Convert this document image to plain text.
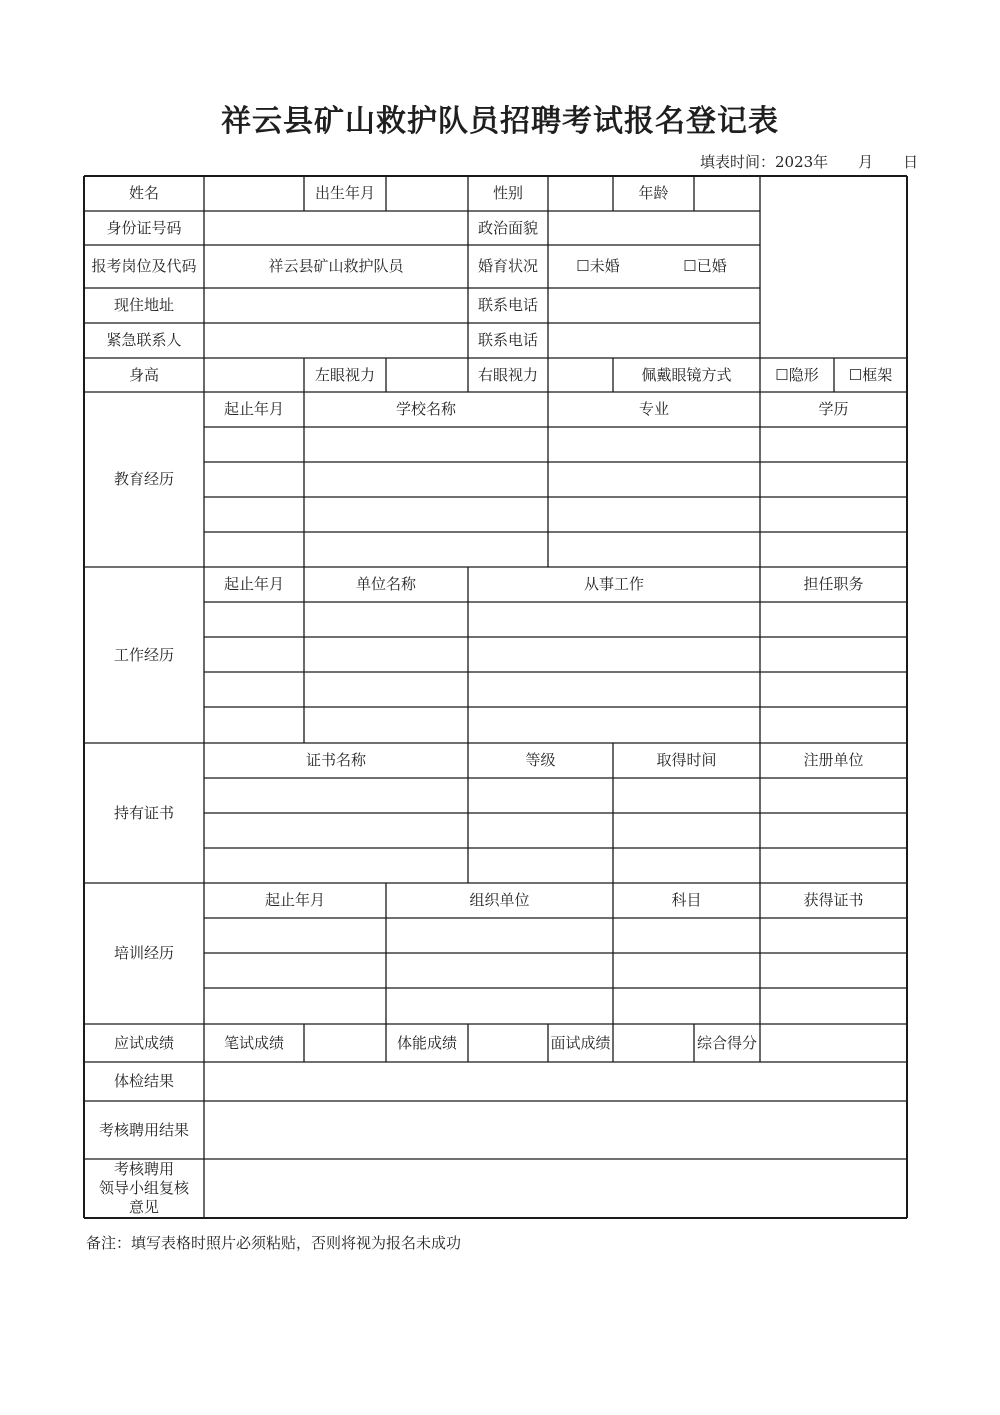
祥云县矿山救护队员招聘考试报名登记表
填表时间：2023年　　月　　日
姓名	出生年月	性别	年龄
身份证号码	政治面貌
报考岗位及代码	祥云县矿山救护队员	婚育状况	☐未婚	☐已婚
现住地址	联系电话
紧急联系人	联系电话
身高	左眼视力	右眼视力	佩戴眼镜方式	☐隐形	☐框架
教育经历
起止年月	学校名称	专业	学历
工作经历
起止年月	单位名称	从事工作	担任职务
持有证书
证书名称	等级	取得时间	注册单位
培训经历
起止年月	组织单位	科目	获得证书
应试成绩	笔试成绩	体能成绩	面试成绩	综合得分
体检结果
考核聘用结果
考核聘用
领导小组复核
意见
备注：填写表格时照片必须粘贴，否则将视为报名未成功
